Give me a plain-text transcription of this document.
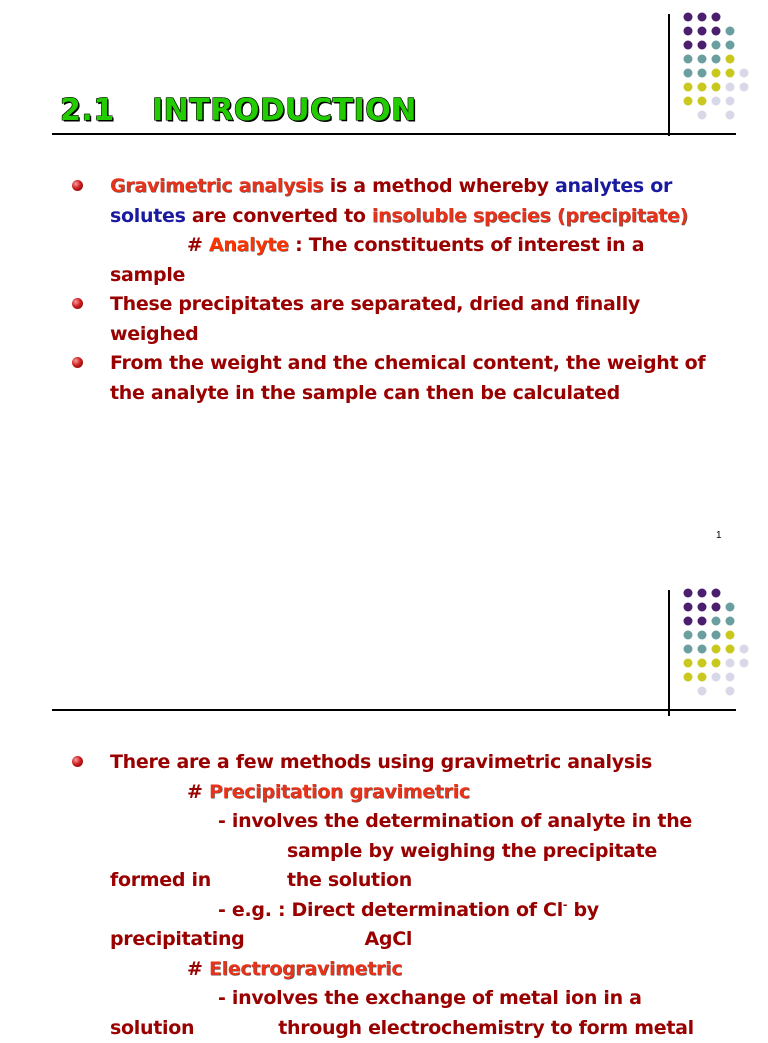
2.1 INTRODUCTION
Gravimetric analysis is a method whereby analytes or
solutes are converted to insoluble species (precipitate)
# Analyte : The constituents of interest in a
sample
These precipitates are separated, dried and finally
weighed
From the weight and the chemical content, the weight of
the analyte in the sample can then be calculated
1
There are a few methods using gravimetric analysis
# Precipitation gravimetric
- involves the determination of analyte in the
sample by weighing the precipitate
formed in	the solution
- e.g. : Direct determination of Cl- by
precipitating	AgCl
# Electrogravimetric
- involves the exchange of metal ion in a
solution	through electrochemistry to form metal
